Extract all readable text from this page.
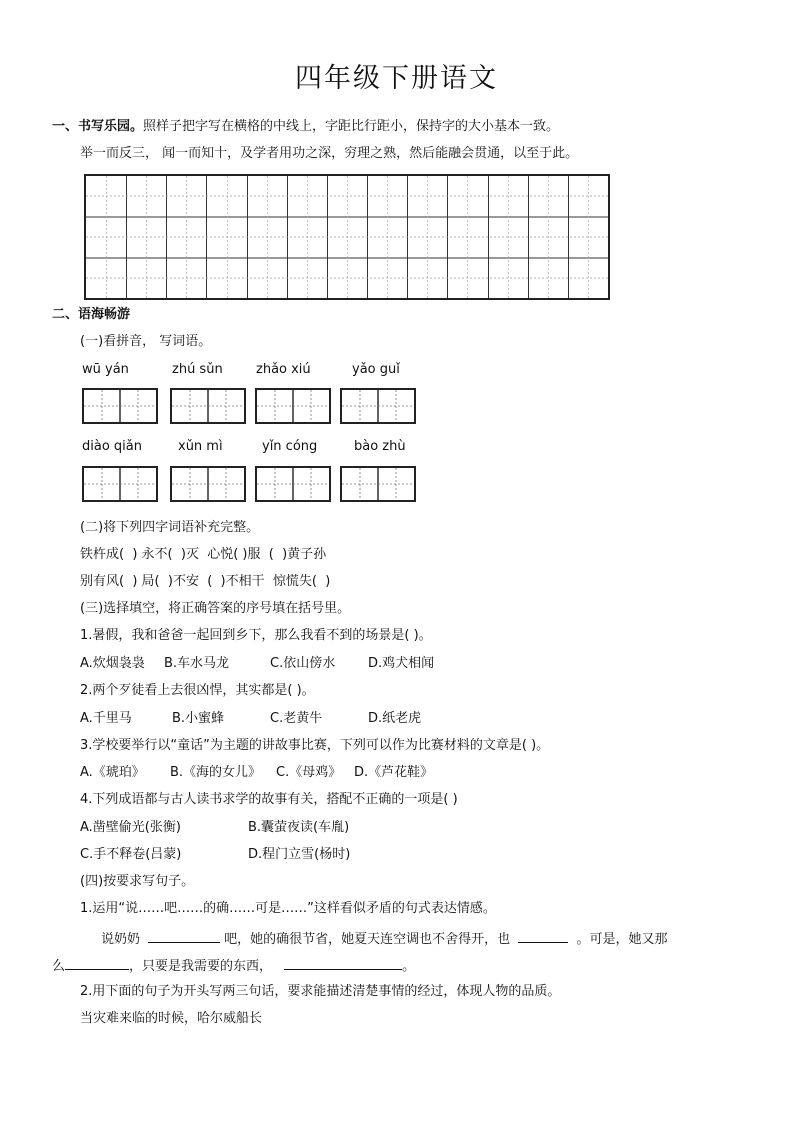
四年级下册语文
一、书写乐园。照样子把字写在横格的中线上，字距比行距小，保持字的大小基本一致。
举一而反三， 闻一而知十，及学者用功之深，穷理之熟，然后能融会贯通，以至于此。
二、语海畅游
(一)看拼音， 写词语。
wū yán	zhú sǔn	zhǎo xiú	yǎo guǐ
diào qiǎn	xǔn mì	yǐn cóng	bào zhù
(二)将下列四字词语补充完整。
铁杵成(  ) 永不(  )灭  心悦( )服  (  )黄子孙
别有风(  ) 局(  )不安  (  )不相干  惊慌失(  )
(三)选择填空，将正确答案的序号填在括号里。
1.暑假，我和爸爸一起回到乡下，那么我看不到的场景是( )。
A.炊烟袅袅 B.车水马龙	C.依山傍水	D.鸡犬相闻
2.两个歹徒看上去很凶悍，其实都是( )。
A.千里马	B.小蜜蜂	C.老黄牛	D.纸老虎
3.学校要举行以“童话”为主题的讲故事比赛，下列可以作为比赛材料的文章是( )。
A.《琥珀》 B.《海的女儿》 C.《母鸡》 D.《芦花鞋》
4.下列成语都与古人读书求学的故事有关，搭配不正确的一项是( )
A.凿壁偷光(张衡)	B.囊萤夜读(车胤)
C.手不释卷(吕蒙)	D.程门立雪(杨时)
(四)按要求写句子。
1.运用“说……吧……的确……可是……”这样看似矛盾的句式表达情感。
说奶奶	吧，她的确很节省，她夏天连空调也不舍得开，也	。可是，她又那
么	，只要是我需要的东西，	。
2.用下面的句子为开头写两三句话，要求能描述清楚事情的经过，体现人物的品质。
当灾难来临的时候，哈尔威船长
